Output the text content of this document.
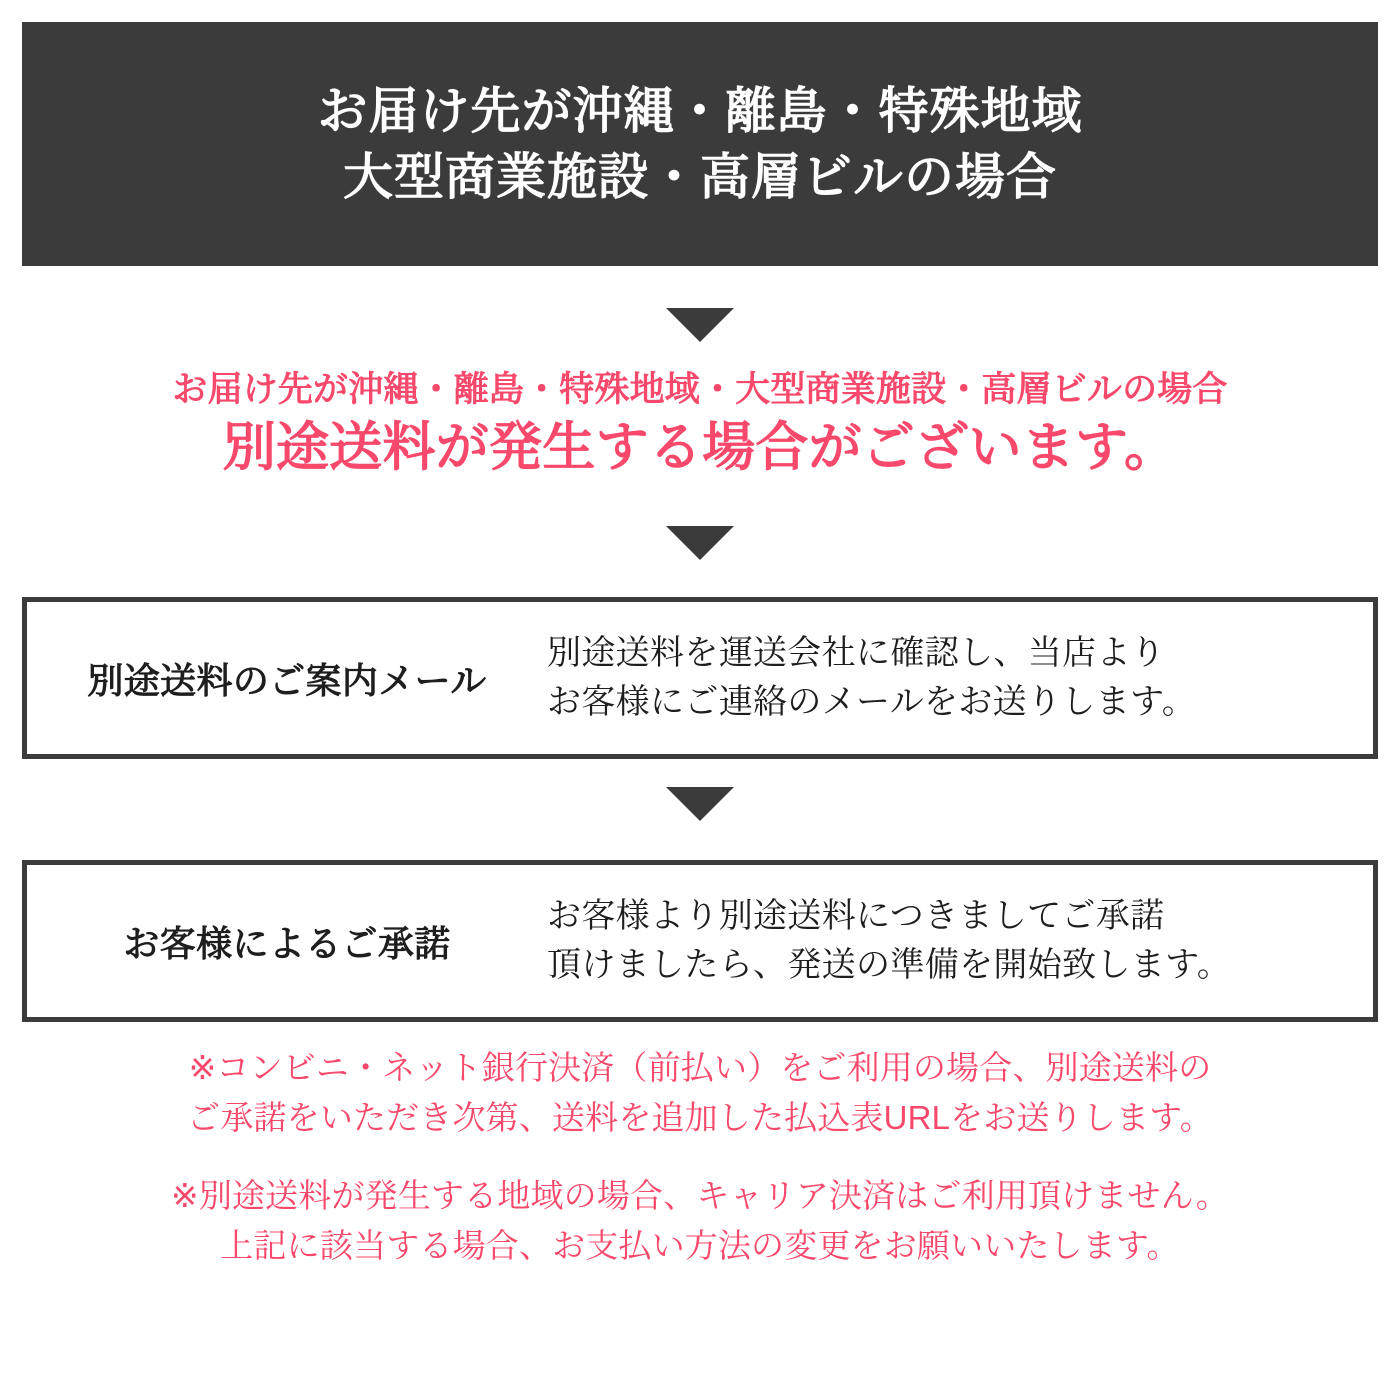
お届け先が沖縄・離島・特殊地域
大型商業施設・高層ビルの場合
お届け先が沖縄・離島・特殊地域・大型商業施設・高層ビルの場合
別途送料が発生する場合がございます。
別途送料のご案内メール
別途送料を運送会社に確認し、当店より
お客様にご連絡のメールをお送りします。
お客様によるご承諾
お客様より別途送料につきましてご承諾
頂けましたら、発送の準備を開始致します。
※コンビニ・ネット銀行決済（前払い）をご利用の場合、別途送料の
ご承諾をいただき次第、送料を追加した払込表URLをお送りします。
※別途送料が発生する地域の場合、キャリア決済はご利用頂けません。
上記に該当する場合、お支払い方法の変更をお願いいたします。
